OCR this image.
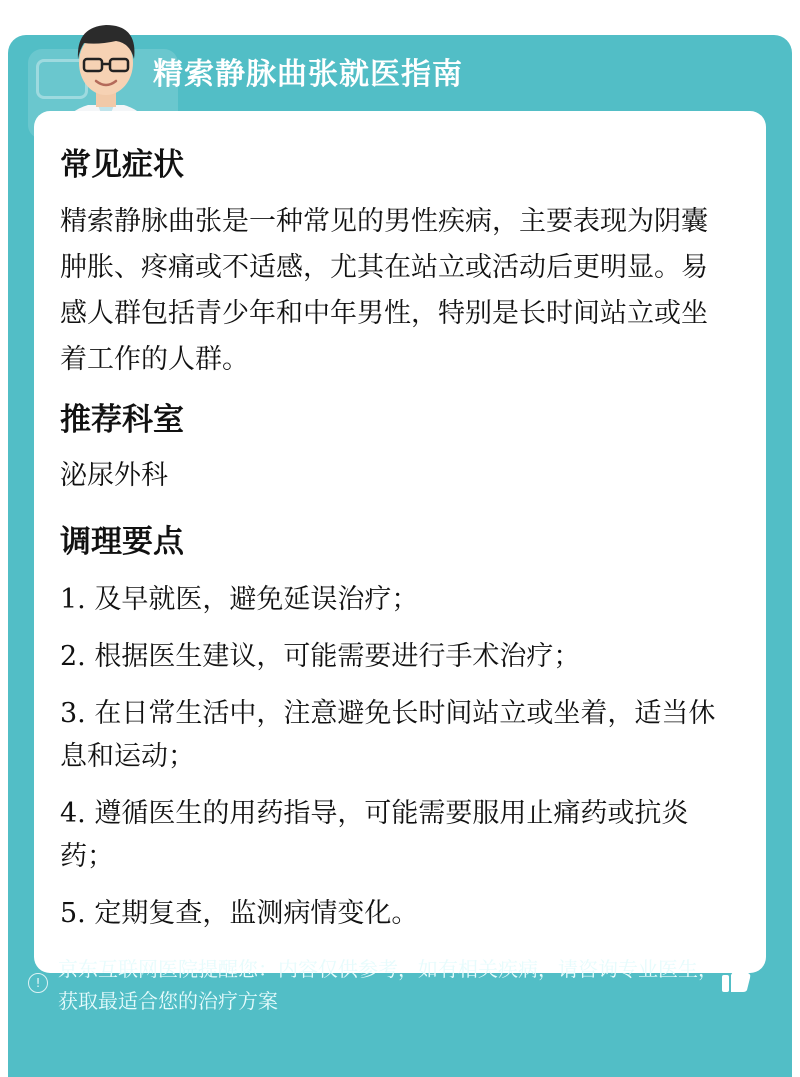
精索静脉曲张就医指南
常见症状

精索静脉曲张是一种常见的男性疾病，主要表现为阴囊肿胀、疼痛或不适感，尤其在站立或活动后更明显。易感人群包括青少年和中年男性，特别是长时间站立或坐着工作的人群。

推荐科室

泌尿外科

调理要点

1. 及早就医，避免延误治疗；

2. 根据医生建议，可能需要进行手术治疗；

3. 在日常生活中，注意避免长时间站立或坐着，适当休息和运动；

4. 遵循医生的用药指导，可能需要服用止痛药或抗炎药；

5. 定期复查，监测病情变化。

!
京东互联网医院提醒您：内容仅供参考，如有相关疾病，请咨询专业医生，获取最适合您的治疗方案
